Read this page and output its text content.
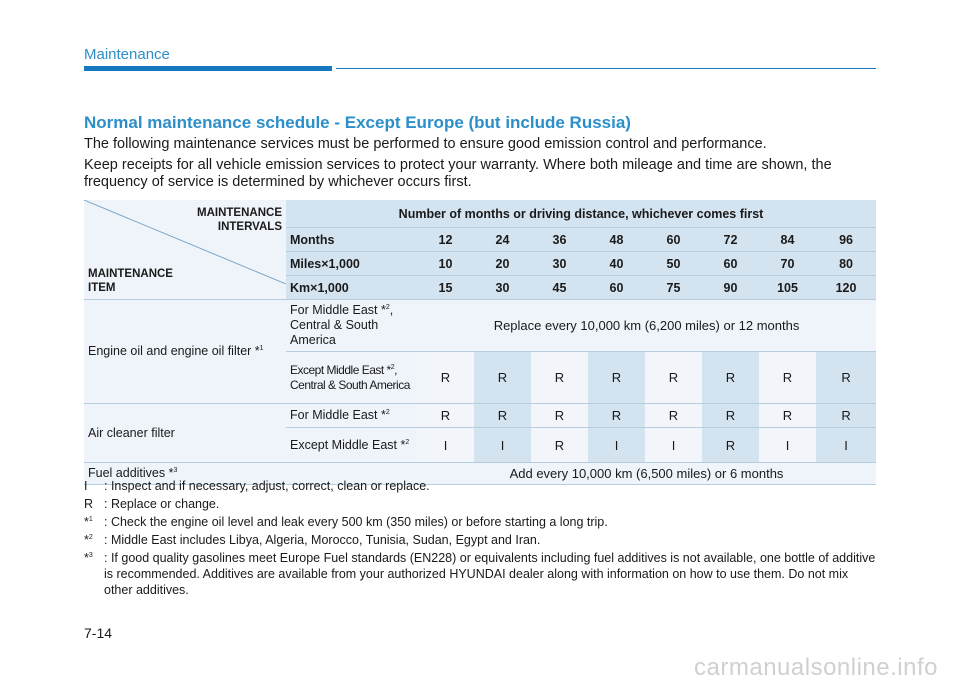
Maintenance
Normal maintenance schedule - Except Europe (but include Russia)

The following maintenance services must be performed to ensure good emission control and performance.

Keep receipts for all vehicle emission services to protect your warranty. Where both mileage and time are shown, the frequency of service is determined by whichever occurs first.

MAINTENANCE
INTERVALS
MAINTENANCE
ITEM	Number of months or driving distance, whichever comes first								
	Months	12	24	36	48	60	72	84	96
	Miles×1,000	10	20	30	40	50	60	70	80
	Km×1,000	15	30	45	60	75	90	105	120
Engine oil and engine oil filter *$^1$	For Middle East *$^2$, Central & South America	Replace every 10,000 km (6,200 miles) or 12 months							
	Except Middle East *$^2$, Central & South America	R	R	R	R	R	R	R	R
Air cleaner filter	For Middle East *$^2$	R	R	R	R	R	R	R	R
	Except Middle East *$^2$	I	I	R	I	I	R	I	I
Fuel additives *$^3$		Add every 10,000 km (6,500 miles) or 6 months							
I	: Inspect and if necessary, adjust, correct, clean or replace.
R : Replace or change.
*$^1$ : Check the engine oil level and leak every 500 km (350 miles) or before starting a long trip.
*$^2$ : Middle East includes Libya, Algeria, Morocco, Tunisia, Sudan, Egypt and Iran.
*$^3$ : If good quality gasolines meet Europe Fuel standards (EN228) or equivalents including fuel additives is not available, one bottle of additive is recommended. Additives are available from your authorized HYUNDAI dealer along with information on how to use them. Do not mix other additives.
7-14
carmanualsonline.info
